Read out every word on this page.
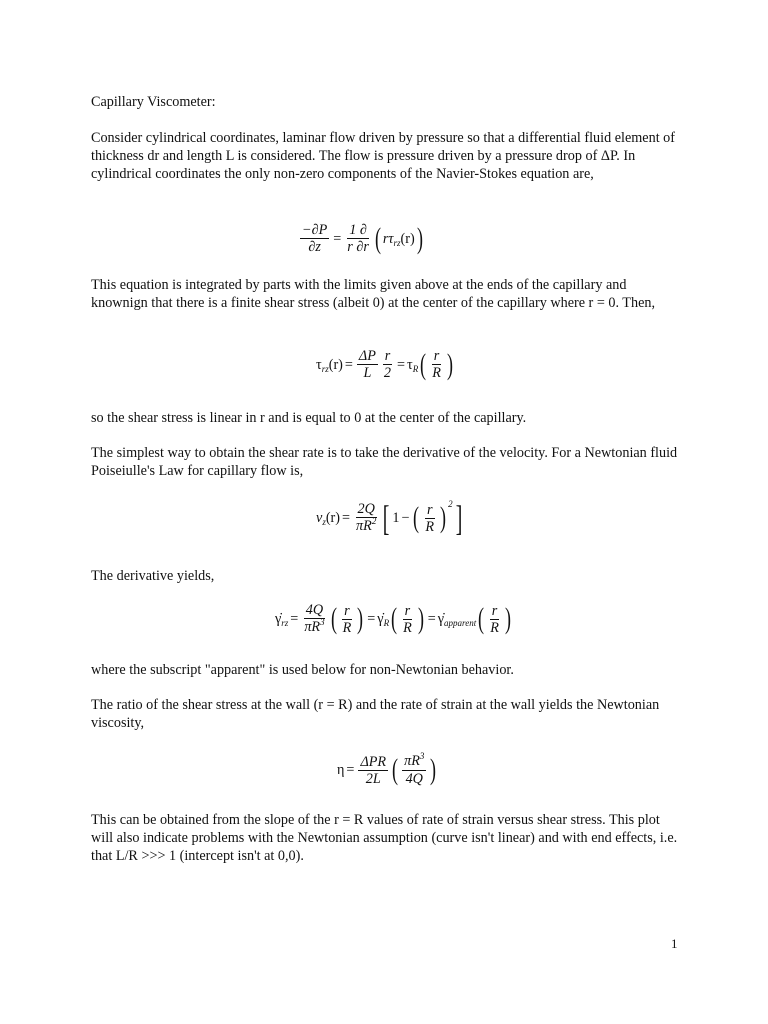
Capillary Viscometer:

Consider cylindrical coordinates, laminar flow driven by pressure so that a differential fluid element of thickness dr and length L is considered. The flow is pressure driven by a pressure drop of ΔP. In cylindrical coordinates the only non-zero components of the Navier-Stokes equation are,

$\frac{-\partial P}{\partial z} = \frac{1 \partial}{r \partial r}$ ( rτ rz (r) )

This equation is integrated by parts with the limits given above at the ends of the capillary and knownign that there is a finite shear stress (albeit 0) at the center of the capillary where r = 0. Then,

τ rz $(r) = \frac{\Delta P}{L} \frac{r}{2} = \tau$ R ( $\frac{r}{R}$ )

so the shear stress is linear in r and is equal to 0 at the center of the capillary.

The simplest way to obtain the shear rate is to take the derivative of the velocity. For a Newtonian fluid Poiseiulle's Law for capillary flow is,

v z $(r) = \frac{2Q}{\pi R^2}$ [ 1 − ( $\frac{r}{R}$ ) 2 ]

The derivative yields,

γ̇ rz = $\frac{4Q}{\pi R^3}$ ( $\frac{r}{R}$ ) = γ̇ R ( $\frac{r}{R}$ ) = γ̇ apparent ( $\frac{r}{R}$ )

where the subscript "apparent" is used below for non-Newtonian behavior.

The ratio of the shear stress at the wall (r = R) and the rate of strain at the wall yields the Newtonian viscosity,

$\eta = \frac{\text{ΔPR}}{2L}$ ( $\frac{\pi R^3}{4Q}$ )

This can be obtained from the slope of the r = R values of rate of strain versus shear stress. This plot will also indicate problems with the Newtonian assumption (curve isn't linear) and with end effects, i.e. that L/R >>> 1 (intercept isn't at 0,0).

1
